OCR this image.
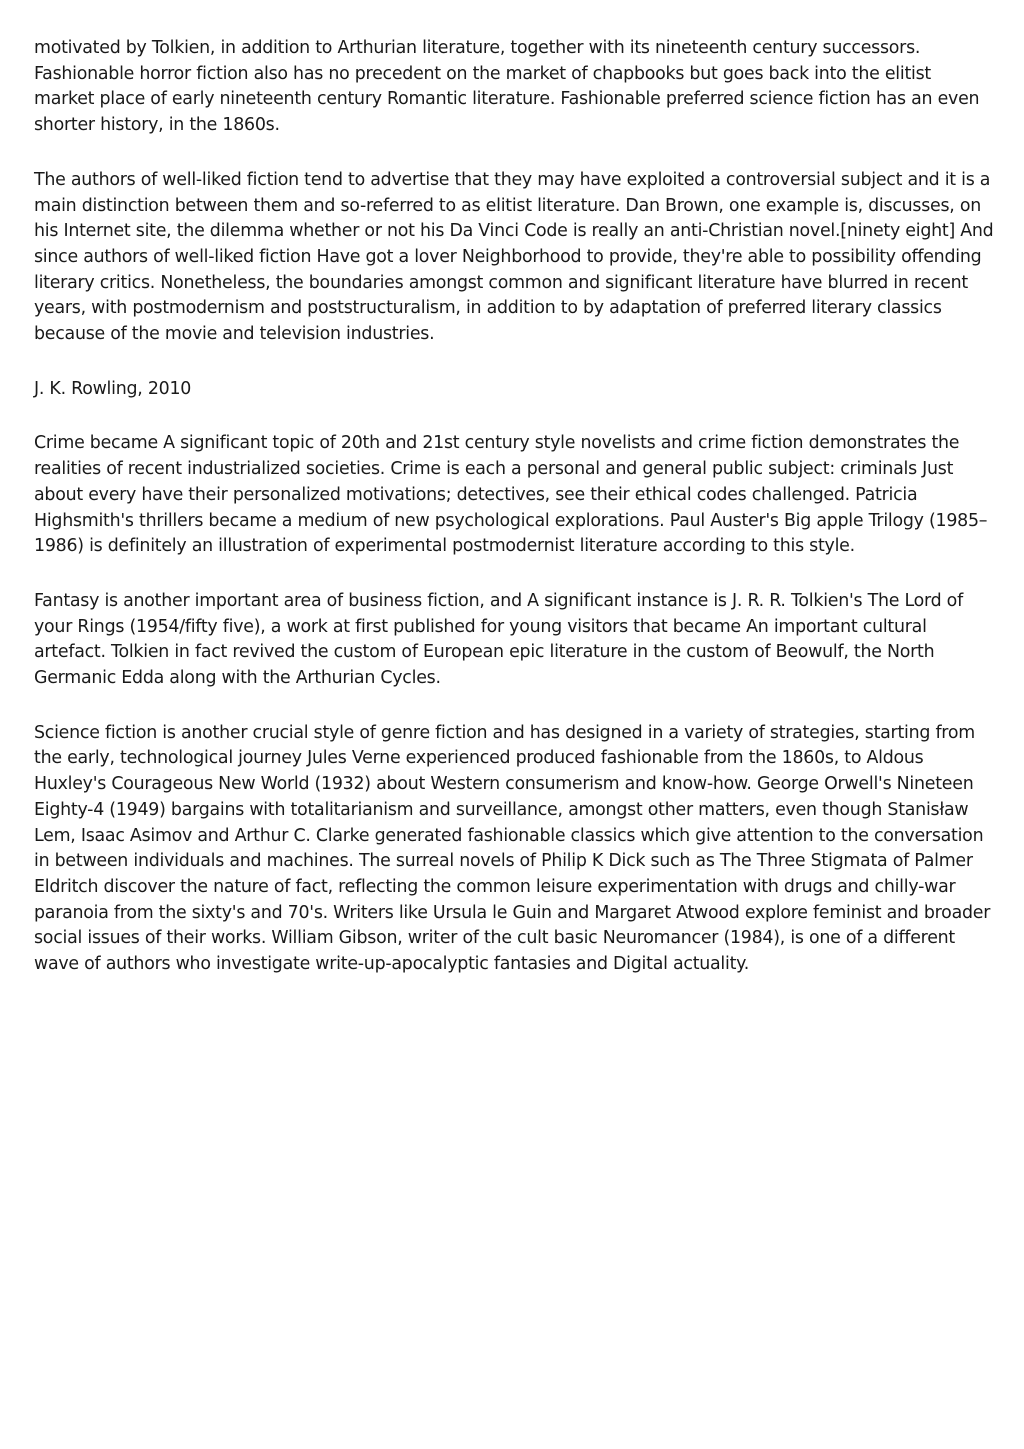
motivated by Tolkien, in addition to Arthurian literature, together with its nineteenth century successors. Fashionable horror fiction also has no precedent on the market of chapbooks but goes back into the elitist market place of early nineteenth century Romantic literature. Fashionable preferred science fiction has an even shorter history, in the 1860s.

The authors of well-liked fiction tend to advertise that they may have exploited a controversial subject and it is a main distinction between them and so-referred to as elitist literature. Dan Brown, one example is, discusses, on his Internet site, the dilemma whether or not his Da Vinci Code is really an anti-Christian novel.[ninety eight] And since authors of well-liked fiction Have got a lover Neighborhood to provide, they're able to possibility offending literary critics. Nonetheless, the boundaries amongst common and significant literature have blurred in recent years, with postmodernism and poststructuralism, in addition to by adaptation of preferred literary classics because of the movie and television industries.

J. K. Rowling, 2010

Crime became A significant topic of 20th and 21st century style novelists and crime fiction demonstrates the realities of recent industrialized societies. Crime is each a personal and general public subject: criminals Just about every have their personalized motivations; detectives, see their ethical codes challenged. Patricia Highsmith's thrillers became a medium of new psychological explorations. Paul Auster's Big apple Trilogy (1985–1986) is definitely an illustration of experimental postmodernist literature according to this style.

Fantasy is another important area of business fiction, and A significant instance is J. R. R. Tolkien's The Lord of your Rings (1954/fifty five), a work at first published for young visitors that became An important cultural artefact. Tolkien in fact revived the custom of European epic literature in the custom of Beowulf, the North Germanic Edda along with the Arthurian Cycles.

Science fiction is another crucial style of genre fiction and has designed in a variety of strategies, starting from the early, technological journey Jules Verne experienced produced fashionable from the 1860s, to Aldous Huxley's Courageous New World (1932) about Western consumerism and know-how. George Orwell's Nineteen Eighty-4 (1949) bargains with totalitarianism and surveillance, amongst other matters, even though Stanisław Lem, Isaac Asimov and Arthur C. Clarke generated fashionable classics which give attention to the conversation in between individuals and machines. The surreal novels of Philip K Dick such as The Three Stigmata of Palmer Eldritch discover the nature of fact, reflecting the common leisure experimentation with drugs and chilly-war paranoia from the sixty's and 70's. Writers like Ursula le Guin and Margaret Atwood explore feminist and broader social issues of their works. William Gibson, writer of the cult basic Neuromancer (1984), is one of a different wave of authors who investigate write-up-apocalyptic fantasies and Digital actuality.
